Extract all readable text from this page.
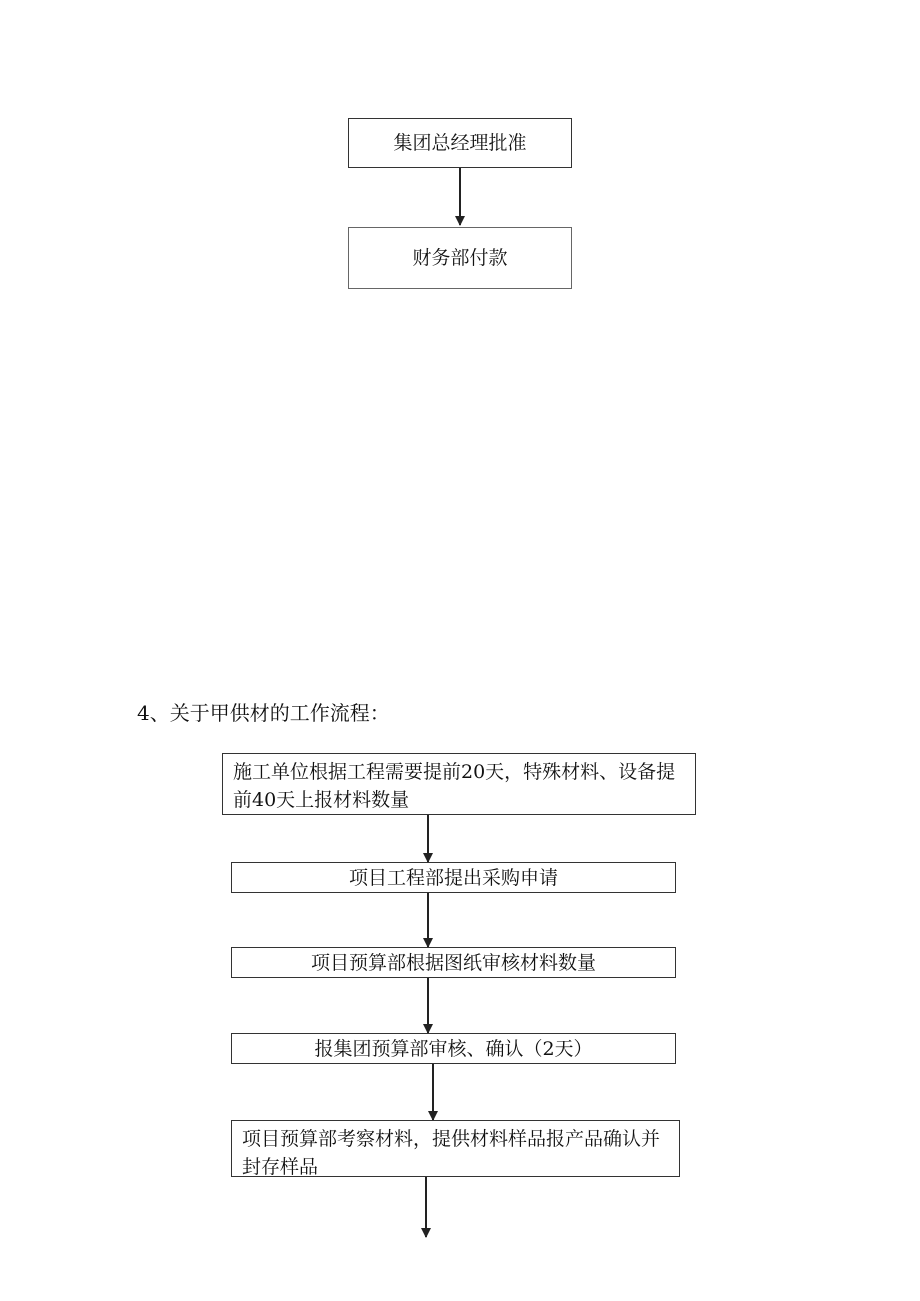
集团总经理批准
财务部付款
4、关于甲供材的工作流程：
施工单位根据工程需要提前20天，特殊材料、设备提前40天上报材料数量
项目工程部提出采购申请
项目预算部根据图纸审核材料数量
报集团预算部审核、确认（2天）
项目预算部考察材料，提供材料样品报产品确认并封存样品
